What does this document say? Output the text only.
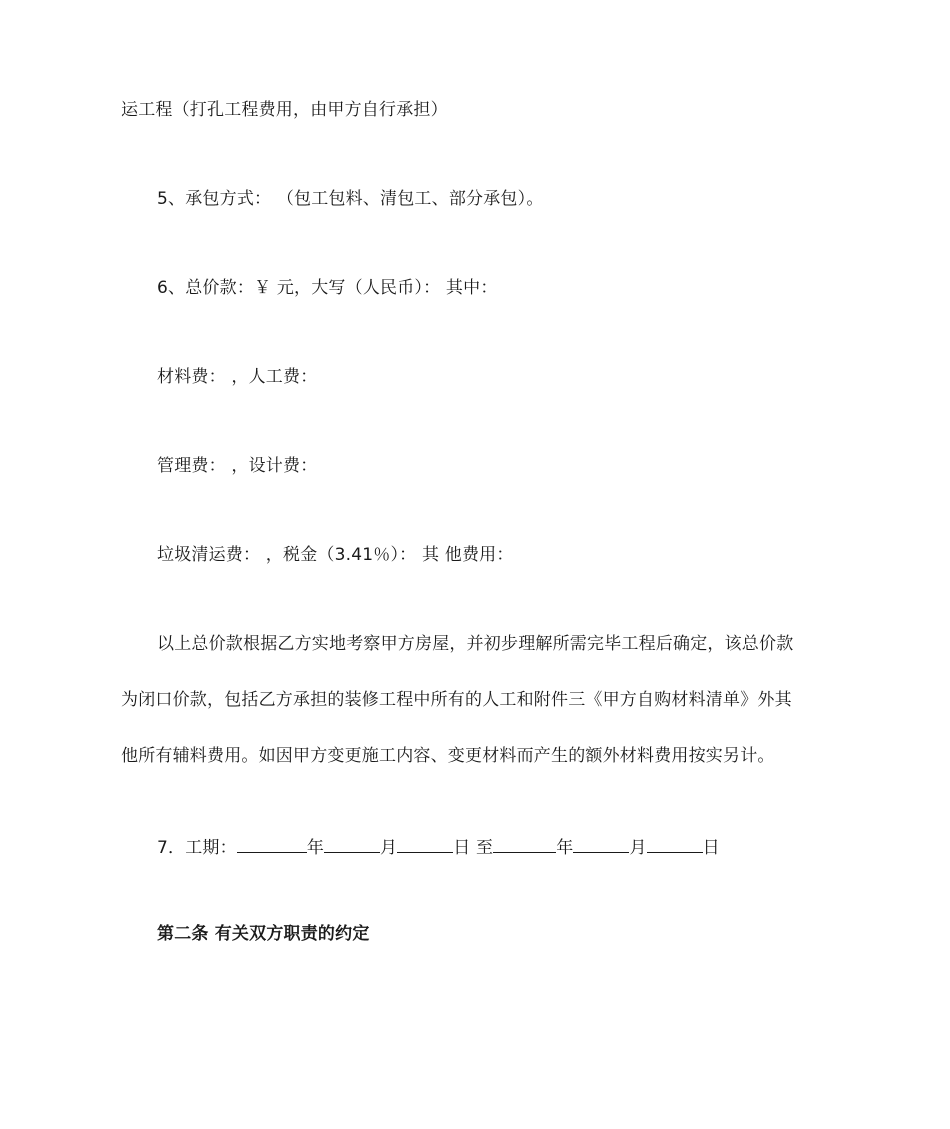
运工程（打孔工程费用，由甲方自行承担）
5、承包方式： （包工包料、清包工、部分承包）。
6、总价款：￥ 元，大写（人民币）： 其中：
材料费： ，人工费：
管理费： ，设计费：
垃圾清运费： ，税金（3.41％）： 其 他费用：
以上总价款根据乙方实地考察甲方房屋，并初步理解所需完毕工程后确定，该总价款
为闭口价款，包括乙方承担的装修工程中所有的人工和附件三《甲方自购材料清单》外其
他所有辅料费用。如因甲方变更施工内容、变更材料而产生的额外材料费用按实另计。
7．工期：	年	月	日 至	年	月	日
第二条 有关双方职责的约定
